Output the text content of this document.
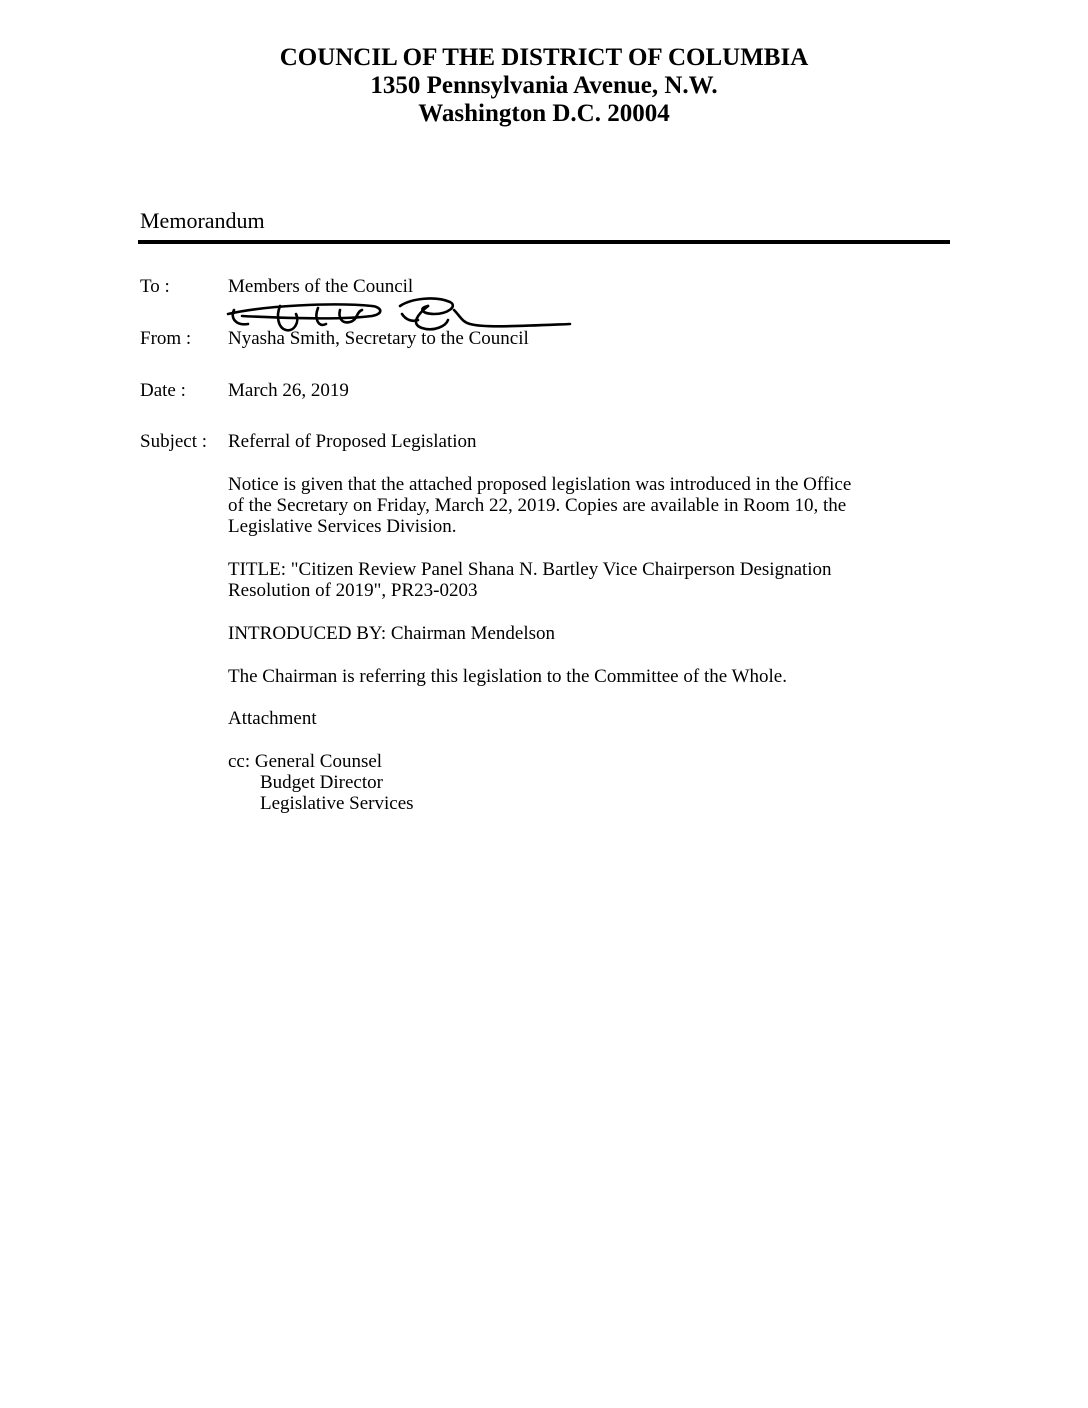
COUNCIL OF THE DISTRICT OF COLUMBIA
1350 Pennsylvania Avenue, N.W.
Washington D.C. 20004
Memorandum
To :	Members of the Council
From : Nyasha Smith, Secretary to the Council
Date : March 26, 2019
Subject : Referral of Proposed Legislation
Notice is given that the attached proposed legislation was introduced in the Office
of the Secretary on Friday, March 22, 2019. Copies are available in Room 10, the
Legislative Services Division.
TITLE: "Citizen Review Panel Shana N. Bartley Vice Chairperson Designation
Resolution of 2019", PR23-0203
INTRODUCED BY: Chairman Mendelson
The Chairman is referring this legislation to the Committee of the Whole.
Attachment
cc: General Counsel
Budget Director
Legislative Services
